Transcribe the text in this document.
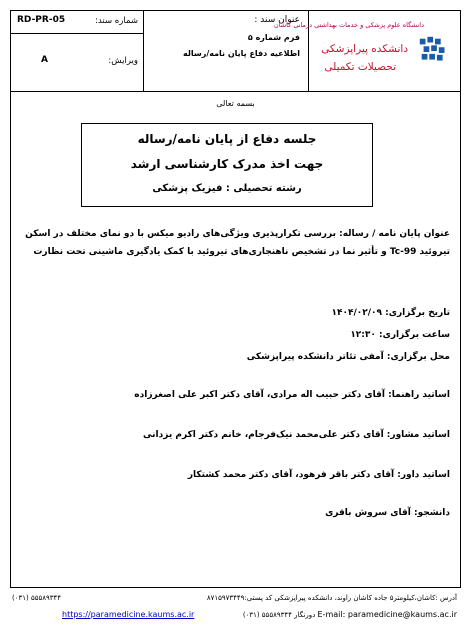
RD-PR-05	شماره سند:
A	ویرایش:
عنوان سند :
فرم شماره ۵
اطلاعیه دفاع پایان نامه/رساله
دانشگاه علوم پزشکی و خدمات بهداشتی درمانی کاشان
دانشکده پیراپزشکی
تحصیلات تکمیلی
بسمه تعالی
جلسه دفاع از پایان نامه/رساله
جهت اخذ مدرک کارشناسی ارشد
رشته تحصیلی : فیزیک پزشکی
عنوان پایان نامه / رساله: بررسی تکرارپذیری ویژگی‌های رادیو میکس با دو نمای مختلف در اسکن تیروئید Tc-99 و تأثیر نما در تشخیص ناهنجاری‌های تیروئید با کمک یادگیری ماشینی تحت نظارت
تاریخ برگزاری: ۱۴۰۴/۰۲/۰۹
ساعت برگزاری: ۱۲:۳۰
محل برگزاری: آمفی تئاتر دانشکده پیراپزشکی
اساتید راهنما: آقای دکتر حبیب اله مرادی، آقای دکتر اکبر علی اصغرزاده
اساتید مشاور: آقای دکتر علی‌محمد نیک‌فرجام، خانم دکتر اکرم یزدانی
اساتید داور: آقای دکتر باقر فرهود، آقای دکتر محمد کشتکار
دانشجو: آقای سروش باقری
آدرس :کاشان،کیلومتر۵ جاده کاشان راوند، دانشکده پیراپزشکی کد پستی:۸۷۱۵۹۷۳۴۴۹
(۰۳۱) ۵۵۵۸۹۳۴۴
E-mail: paramedicine@kaums.ac.ir دورنگار ۵۵۵۸۹۳۴۴ (۰۳۱)
https://paramedicine.kaums.ac.ir
